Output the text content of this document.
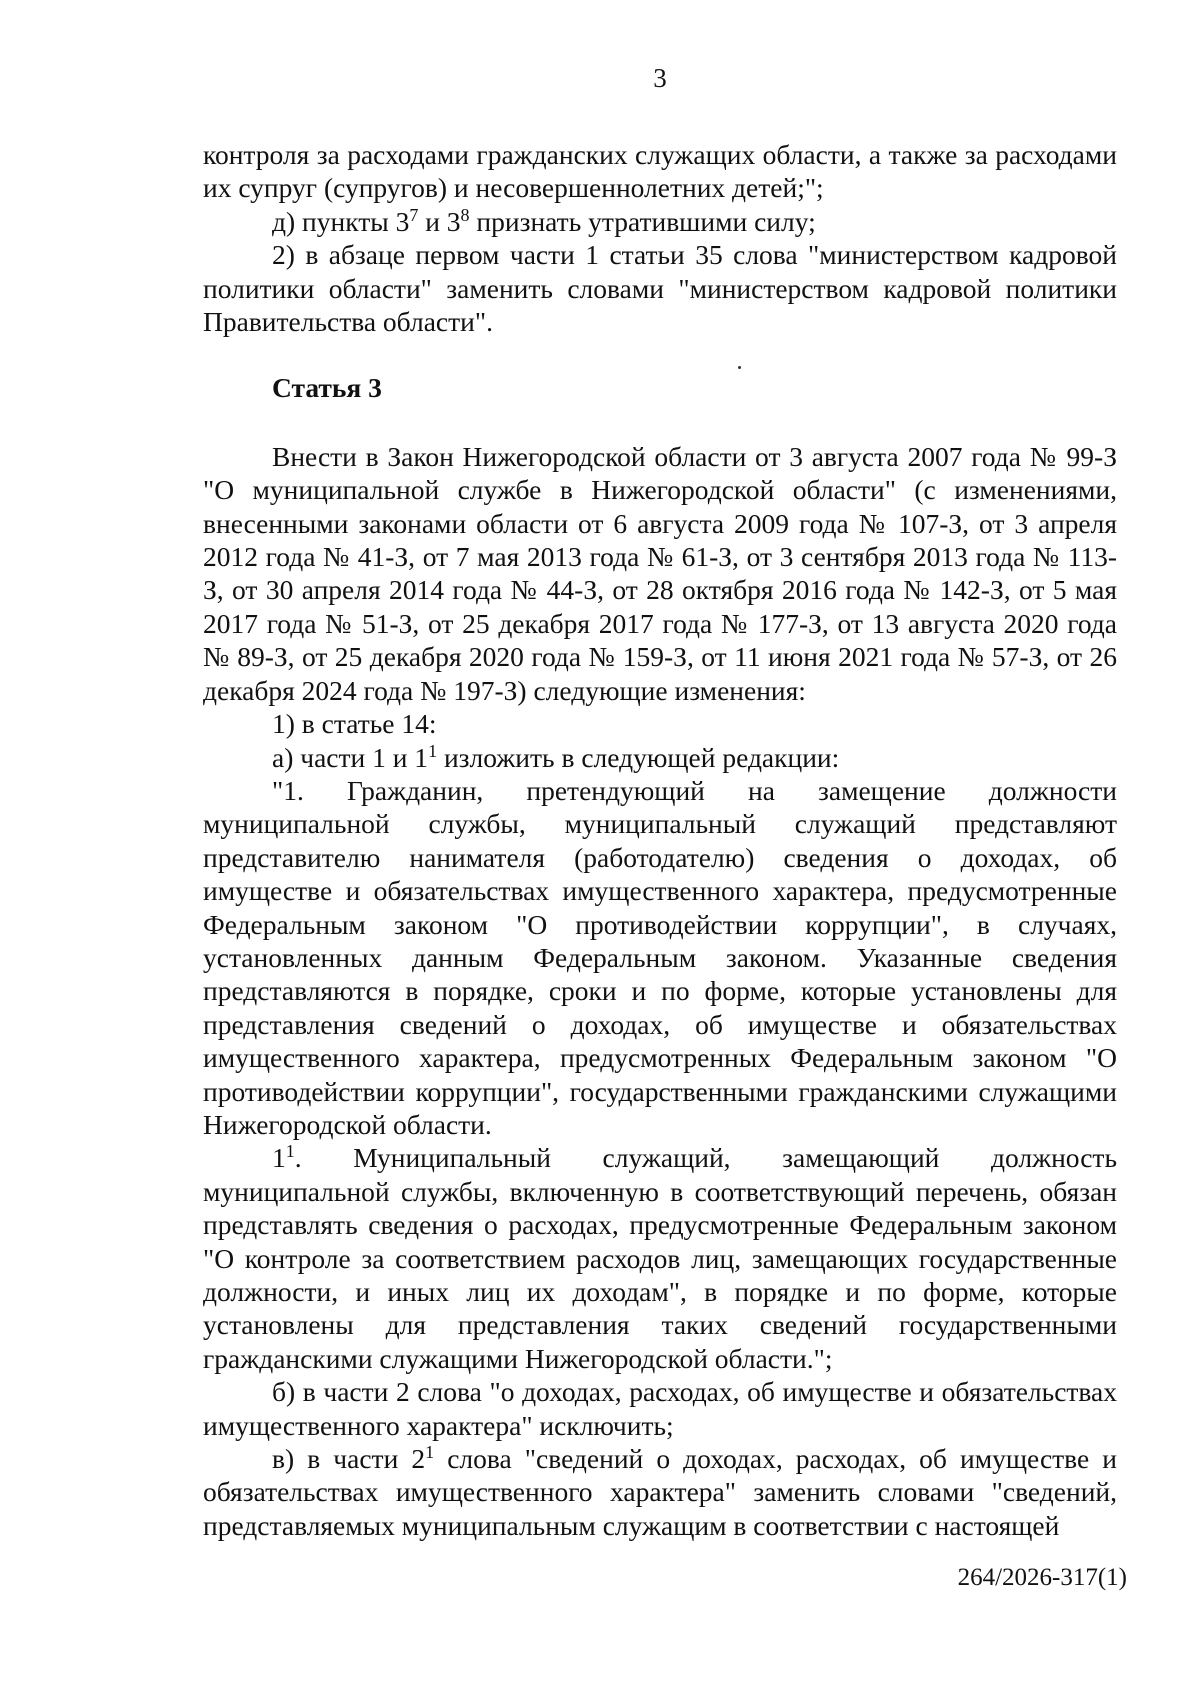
3

контроля за расходами гражданских служащих области, а также за расходами их супруг (супругов) и несовершеннолетних детей;";

д) пункты $3^7$ и $3^8$ признать утратившими силу;

2) в абзаце первом части 1 статьи 35 слова "министерством кадровой политики области" заменить словами "министерством кадровой политики Правительства области".

Статья 3

Внести в Закон Нижегородской области от 3 августа 2007 года № 99-З "О муниципальной службе в Нижегородской области" (с изменениями, внесенными законами области от 6 августа 2009 года № 107-З, от 3 апреля 2012 года № 41-З, от 7 мая 2013 года № 61-З, от 3 сентября 2013 года № 113-З, от 30 апреля 2014 года № 44-З, от 28 октября 2016 года № 142-З, от 5 мая 2017 года № 51-З, от 25 декабря 2017 года № 177-З, от 13 августа 2020 года № 89-З, от 25 декабря 2020 года № 159-З, от 11 июня 2021 года № 57-З, от 26 декабря 2024 года № 197-З) следующие изменения:

1) в статье 14:

а) части 1 и $1^1$ изложить в следующей редакции:

"1. Гражданин, претендующий на замещение должности муниципальной службы, муниципальный служащий представляют представителю нанимателя (работодателю) сведения о доходах, об имуществе и обязательствах имущественного характера, предусмотренные Федеральным законом "О противодействии коррупции", в случаях, установленных данным Федеральным законом. Указанные сведения представляются в порядке, сроки и по форме, которые установлены для представления сведений о доходах, об имуществе и обязательствах имущественного характера, предусмотренных Федеральным законом "О противодействии коррупции", государственными гражданскими служащими Нижегородской области.

$1^1$. Муниципальный служащий, замещающий должность муниципальной службы, включенную в соответствующий перечень, обязан представлять сведения о расходах, предусмотренные Федеральным законом "О контроле за соответствием расходов лиц, замещающих государственные должности, и иных лиц их доходам", в порядке и по форме, которые установлены для представления таких сведений государственными гражданскими служащими Нижегородской области.";

б) в части 2 слова "о доходах, расходах, об имуществе и обязательствах имущественного характера" исключить;

в) в части $2^1$ слова "сведений о доходах, расходах, об имуществе и обязательствах имущественного характера" заменить словами "сведений, представляемых муниципальным служащим в соответствии с настоящей

264/2026-317(1)
